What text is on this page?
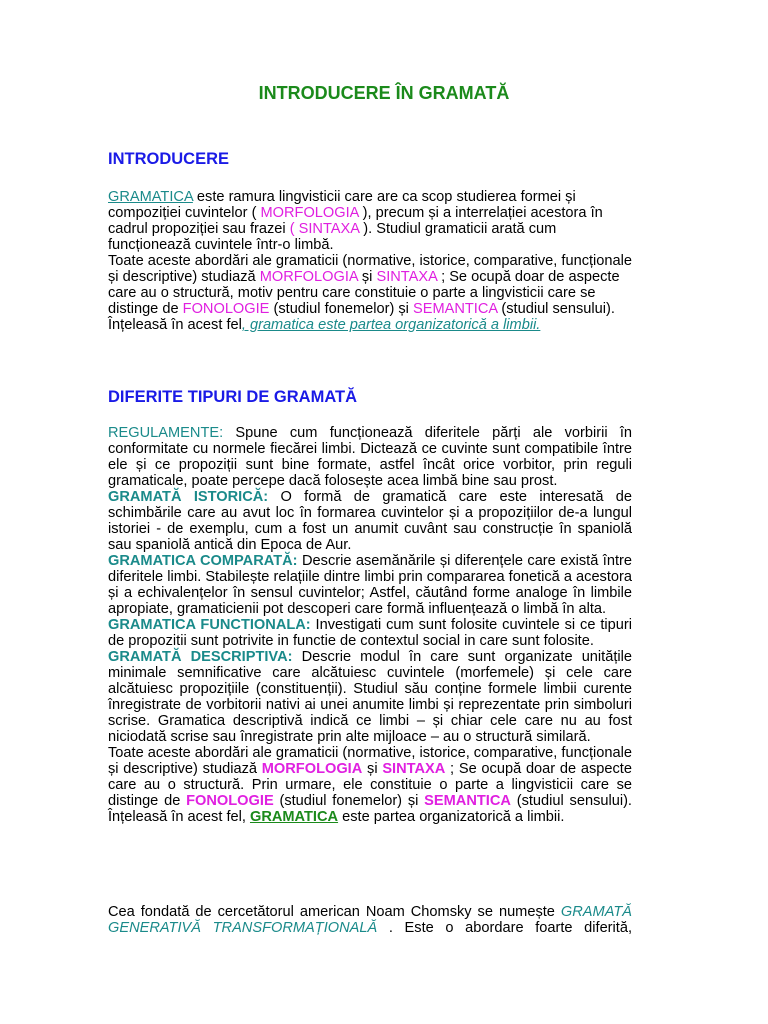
INTRODUCERE ÎN GRAMATĂ
INTRODUCERE

GRAMATICA este ramura lingvisticii care are ca scop studierea formei și compoziției cuvintelor ( MORFOLOGIA ), precum și a interrelației acestora în cadrul propoziției sau frazei ( SINTAXA ). Studiul gramaticii arată cum funcționează cuvintele într-o limbă.

Toate aceste abordări ale gramaticii (normative, istorice, comparative, funcționale și descriptive) studiază MORFOLOGIA și SINTAXA ; Se ocupă doar de aspecte care au o structură, motiv pentru care constituie o parte a lingvisticii care se distinge de FONOLOGIE (studiul fonemelor) și SEMANTICA (studiul sensului).

Înțeleasă în acest fel, gramatica este partea organizatorică a limbii.

DIFERITE TIPURI DE GRAMATĂ

REGULAMENTE: Spune cum funcționează diferitele părți ale vorbirii în conformitate cu normele fiecărei limbi. Dictează ce cuvinte sunt compatibile între ele și ce propoziții sunt bine formate, astfel încât orice vorbitor, prin reguli gramaticale, poate percepe dacă folosește acea limbă bine sau prost.

GRAMATĂ ISTORICĂ: O formă de gramatică care este interesată de schimbările care au avut loc în formarea cuvintelor și a propozițiilor de-a lungul istoriei - de exemplu, cum a fost un anumit cuvânt sau construcție în spaniolă sau spaniolă antică din Epoca de Aur.

GRAMATICA COMPARATĂ: Descrie asemănările și diferențele care există între diferitele limbi. Stabilește relațiile dintre limbi prin compararea fonetică a acestora și a echivalențelor în sensul cuvintelor; Astfel, căutând forme analoge în limbile apropiate, gramaticienii pot descoperi care formă influențează o limbă în alta.

GRAMATICA FUNCTIONALA: Investigati cum sunt folosite cuvintele si ce tipuri de propozitii sunt potrivite in functie de contextul social in care sunt folosite.

GRAMATĂ DESCRIPTIVA: Descrie modul în care sunt organizate unitățile minimale semnificative care alcătuiesc cuvintele (morfemele) și cele care alcătuiesc propozițiile (constituenții). Studiul său conține formele limbii curente înregistrate de vorbitorii nativi ai unei anumite limbi și reprezentate prin simboluri scrise. Gramatica descriptivă indică ce limbi – și chiar cele care nu au fost niciodată scrise sau înregistrate prin alte mijloace – au o structură similară.

Toate aceste abordări ale gramaticii (normative, istorice, comparative, funcționale și descriptive) studiază MORFOLOGIA și SINTAXA ; Se ocupă doar de aspecte care au o structură. Prin urmare, ele constituie o parte a lingvisticii care se distinge de FONOLOGIE (studiul fonemelor) și SEMANTICA (studiul sensului). Înțeleasă în acest fel, GRAMATICA este partea organizatorică a limbii.

Cea fondată de cercetătorul american Noam Chomsky se numește GRAMATĂ GENERATIVĂ TRANSFORMAȚIONALĂ . Este o abordare foarte diferită,
